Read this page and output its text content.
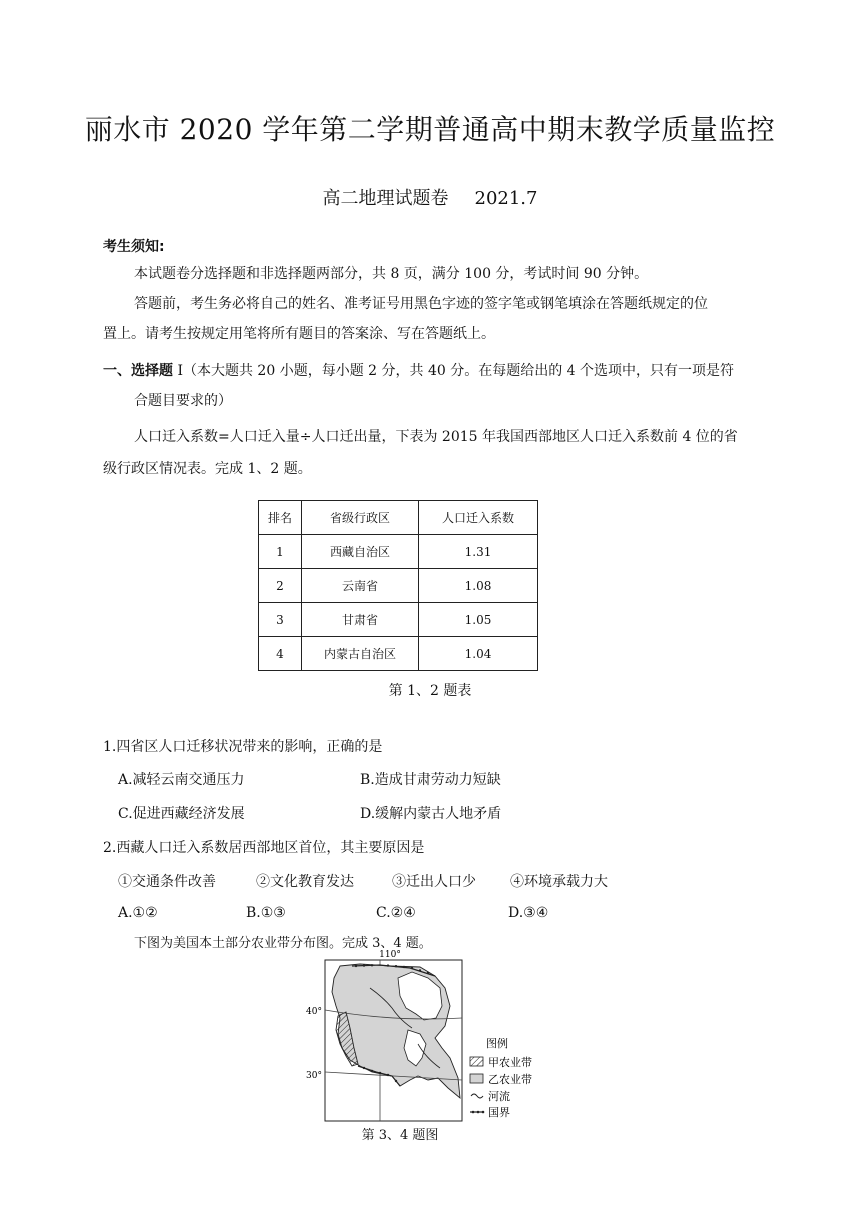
丽水市 2020 学年第二学期普通高中期末教学质量监控
高二地理试题卷 2021.7
考生须知:
本试题卷分选择题和非选择题两部分，共 8 页，满分 100 分，考试时间 90 分钟。
答题前，考生务必将自己的姓名、准考证号用黑色字迹的签字笔或钢笔填涂在答题纸规定的位
置上。请考生按规定用笔将所有题目的答案涂、写在答题纸上。
一、选择题 I（本大题共 20 小题，每小题 2 分，共 40 分。在每题给出的 4 个选项中，只有一项是符
合题目要求的）
人口迁入系数=人口迁入量÷人口迁出量，下表为 2015 年我国西部地区人口迁入系数前 4 位的省
级行政区情况表。完成 1、2 题。
排名	省级行政区	人口迁入系数
1	西藏自治区	1.31
2	云南省	1.08
3	甘肃省	1.05
4	内蒙古自治区	1.04
第 1、2 题表
1.四省区人口迁移状况带来的影响，正确的是
A.减轻云南交通压力	B.造成甘肃劳动力短缺
C.促进西藏经济发展	D.缓解内蒙古人地矛盾
2.西藏人口迁入系数居西部地区首位，其主要原因是
①交通条件改善	②文化教育发达	③迁出人口少 ④环境承载力大
A.①②	B.①③	C.②④	D.③④
下图为美国本土部分农业带分布图。完成 3、4 题。
110°
40°
30°
图例
甲农业带
乙农业带
河流
国界
第 3、4 题图
